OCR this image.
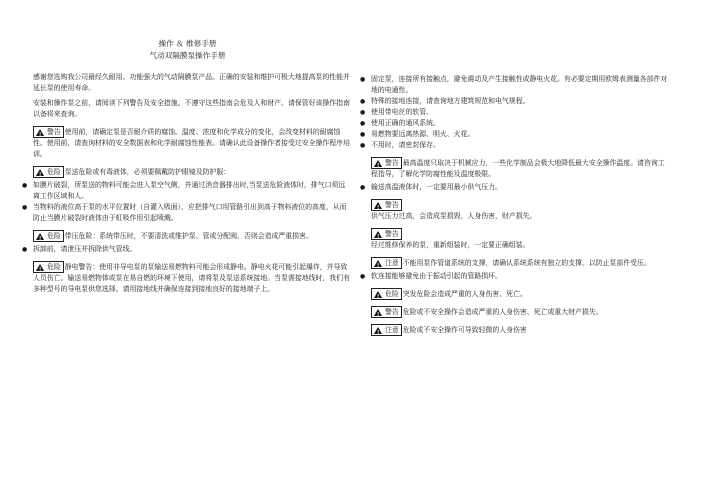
操作 ＆ 维修手册
气动双隔膜泵操作手册

感谢您选购我公司最经久耐用、功能强大的气动隔膜泵产品。正确的安装和维护可极大地提高泵的性能并延长泵的使用寿命。

安装和操作泵之前，请阅读下列警告及安全措施。不遵守这些指南会危及人和财产。请保管好该操作指南以备将来查询。

!
警告 使用前，请确定泵是否耐介质的腐蚀。温度、浓度和化学成分的变化，会改变材料的耐腐蚀性。使用前，请查询材料的安全数据表和化学耐腐蚀性能表。请确认此设备操作者接受过安全操作程序培训。
!
危险 泵送危险或有毒液体，必须要佩戴防护眼镜及防护服：
● 如膜片破裂，所泵送的物料可能会进入泵空气侧，并通过消音器排出时,当泵送危险液体时，排气口须远离工作区域和人。
● 当物料的液位高于泵的水平位置时（自灌入吸面），应把排气口用管路引出到高于物料液位的高度，从而防止当膜片破裂时液体由于虹吸作用引起喷溅。
!
危险 带压危险：系统带压时，不要清洗或维护泵、管或分配阀，否则会造成严重损害。
● 拆卸前，请泄压并拆除供气管线。
!
危险 静电警告：使用非导电泵的泵输送易燃物料可能会形成静电。静电火花可能引起爆炸，并导致人员伤亡。输送易燃物体或泵在易自燃的环境下使用，请将泵及泵送系统接地。当泵需接地线时，我们有多种型号的导电泵供您选择。请用接地线并确保连接到接地良好的接地端子上。
● 固定泵，连接所有接触点，避免震动及产生接触性或静电火花。有必要定期用欧姆表测量各部件对地的电通性。
● 特殊的接地连接，请查询地方建筑规范和电气规程。
● 使用带电丝的软管。
● 使用正确的通风系统。
● 易燃物要远离热源、明火、火花。
● 不用时，请密封保存。
!
警告 最高温度只取决于机械应力，一些化学制品会极大地降低最大安全操作温度。请咨询工程指导，了解化学防腐性能及温度极限。
● 输送高温液体时，一定要用最小供气压力。
!
警告
供气压力过高，会造成泵损毁，人身伤害，财产损失。
!
警告
经过维修保养的泵，重新组装时，一定要正确组装。
!
注意 不能用泵作管道系统的支撑，请确认系统系统有独立的支撑，以防止泵部件受压。
● 软连接能够避免由于振动引起的管路损坏。
!
危险 突发危险会造成严重的人身伤害、死亡。
!
警告 危险或不安全操作会造成严重的人身伤害、死亡或重大财产损失。
!
注意 危险或不安全操作可导致轻微的人身伤害
